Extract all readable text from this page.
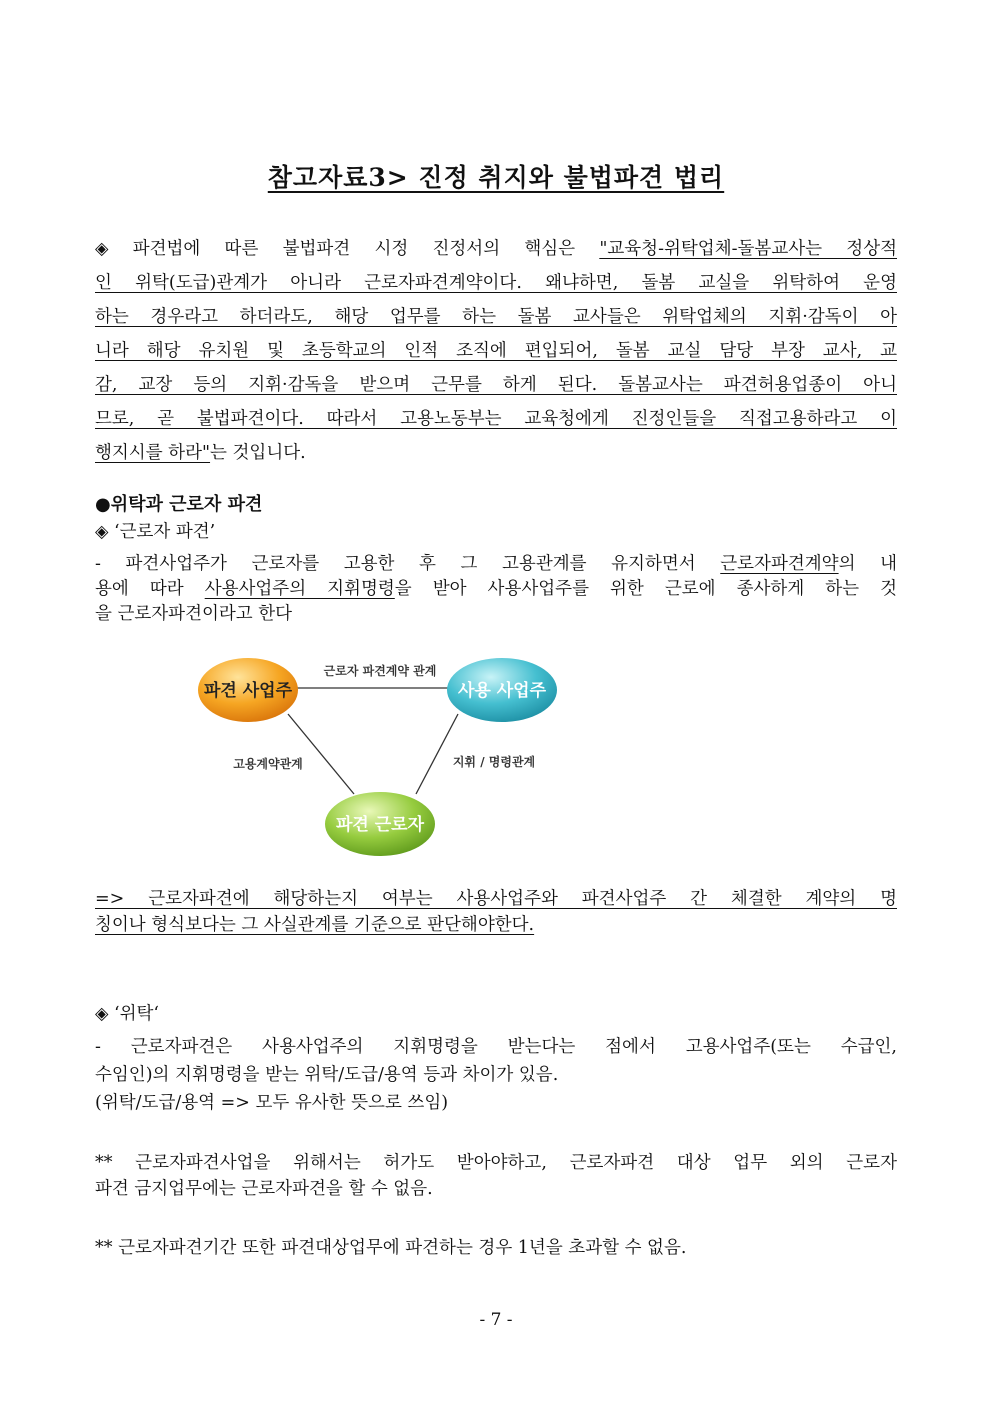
참고자료3> 진정 취지와 불법파견 법리
◈ 파견법에 따른 불법파견 시정 진정서의 핵심은 "교육청-위탁업체-돌봄교사는 정상적
인 위탁(도급)관계가 아니라 근로자파견계약이다. 왜냐하면, 돌봄 교실을 위탁하여 운영
하는 경우라고 하더라도, 해당 업무를 하는 돌봄 교사들은 위탁업체의 지휘·감독이 아
니라 해당 유치원 및 초등학교의 인적 조직에 편입되어, 돌봄 교실 담당 부장 교사, 교
감, 교장 등의 지휘·감독을 받으며 근무를 하게 된다. 돌봄교사는 파견허용업종이 아니
므로, 곧 불법파견이다. 따라서 고용노동부는 교육청에게 진정인들을 직접고용하라고 이
행지시를 하라"는 것입니다.
●위탁과 근로자 파견
◈ ‘근로자 파견’
- 파견사업주가 근로자를 고용한 후 그 고용관계를 유지하면서 근로자파견계약의 내
용에 따라 사용사업주의 지휘명령을 받아 사용사업주를 위한 근로에 종사하게 하는 것
을 근로자파견이라고 한다
파견 사업주	사용 사업주
파견 근로자
근로자 파견계약 관계
고용계약관계	지휘 / 명령관계
=> 근로자파견에 해당하는지 여부는 사용사업주와 파견사업주 간 체결한 계약의 명
칭이나 형식보다는 그 사실관계를 기준으로 판단해야한다.
◈ ‘위탁‘
- 근로자파견은 사용사업주의 지휘명령을 받는다는 점에서 고용사업주(또는 수급인,
수임인)의 지휘명령을 받는 위탁/도급/용역 등과 차이가 있음.
(위탁/도급/용역 => 모두 유사한 뜻으로 쓰임)
** 근로자파견사업을 위해서는 허가도 받아야하고, 근로자파견 대상 업무 외의 근로자
파견 금지업무에는 근로자파견을 할 수 없음.
** 근로자파견기간 또한 파견대상업무에 파견하는 경우 1년을 초과할 수 없음.
- 7 -
